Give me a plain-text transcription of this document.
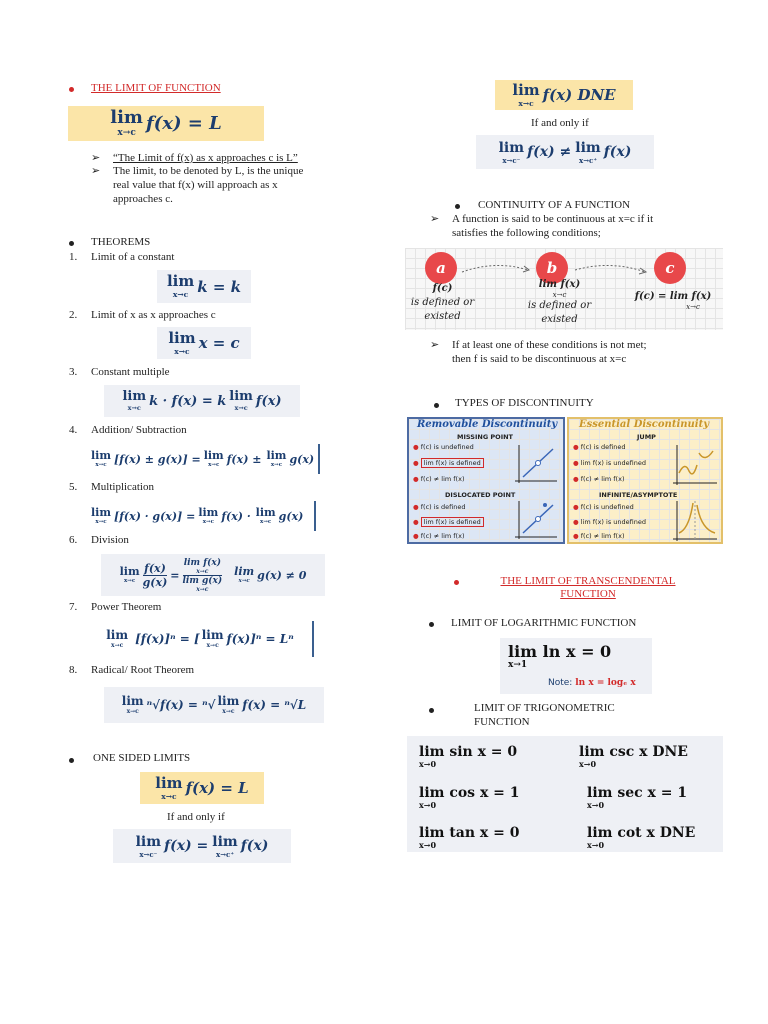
THE LIMIT OF FUNCTION
lim
x→c f(x) = L
➢ “The Limit of f(x) as x approaches c is L”
➢ The limit, to be denoted by L, is the unique
real value that f(x) will approach as x
approaches c.
THEOREMS
1. Limit of a constant
lim
x→c k = k
2. Limit of x as x approaches c
lim
x→c x = c
3. Constant multiple
lim
x→c k · f(x) = k lim
x→c f(x)
4. Addition/ Subtraction
lim
x→c [f(x) ± g(x)] = lim
x→c f(x) ± lim
x→c g(x)
5. Multiplication
lim
x→c [f(x) · g(x)] = lim
x→c f(x) · lim
x→c g(x)
6. Division
lim
x→c
f(x)
g(x)
=
lim f(x)
x→c
lim g(x)
x→c
lim
x→c g(x) ≠ 0
7. Power Theorem
lim
x→c [f(x)]ⁿ = [ lim
x→c f(x)]ⁿ = Lⁿ
8. Radical/ Root Theorem
lim
x→c ⁿ√f(x) = ⁿ√ lim
x→c f(x) = ⁿ√L
ONE SIDED LIMITS
lim
x→c f(x) = L
If and only if
lim
x→c⁻ f(x) = lim
x→c⁺ f(x)
lim
x→c f(x) DNE
If and only if
lim
x→c⁻ f(x) ≠ lim
x→c⁺ f(x)
CONTINUITY OF A FUNCTION
➢ A function is said to be continuous at x=c if it
satisfies the following conditions;
a	b	c
f(c)
is defined or
existed
lim f(x)
x→c
is defined or
existed
f(c) = lim f(x)
x→c
➢ If at least one of these conditions is not met;
then f is said to be discontinuous at x=c
TYPES OF DISCONTINUITY
Removable Discontinuity
MISSING POINT
● f(c) is undefined
● lim f(x) is defined
● f(c) ≠ lim f(x)
DISLOCATED POINT
● f(c) is defined
● lim f(x) is defined
● f(c) ≠ lim f(x)
Essential Discontinuity
JUMP
● f(c) is defined
● lim f(x) is undefined
● f(c) ≠ lim f(x)
INFINITE/ASYMPTOTE
● f(c) is undefined
● lim f(x) is undefined
● f(c) ≠ lim f(x)
THE LIMIT OF TRANSCENDENTAL
FUNCTION
LIMIT OF LOGARITHMIC FUNCTION
lim ln x = 0
x→1
Note: ln x = logₑ x
LIMIT OF TRIGONOMETRIC
FUNCTION
lim sin x = 0
x→0
lim csc x DNE
x→0
lim cos x = 1
x→0
lim sec x = 1
x→0
lim tan x = 0
x→0
lim cot x DNE
x→0
